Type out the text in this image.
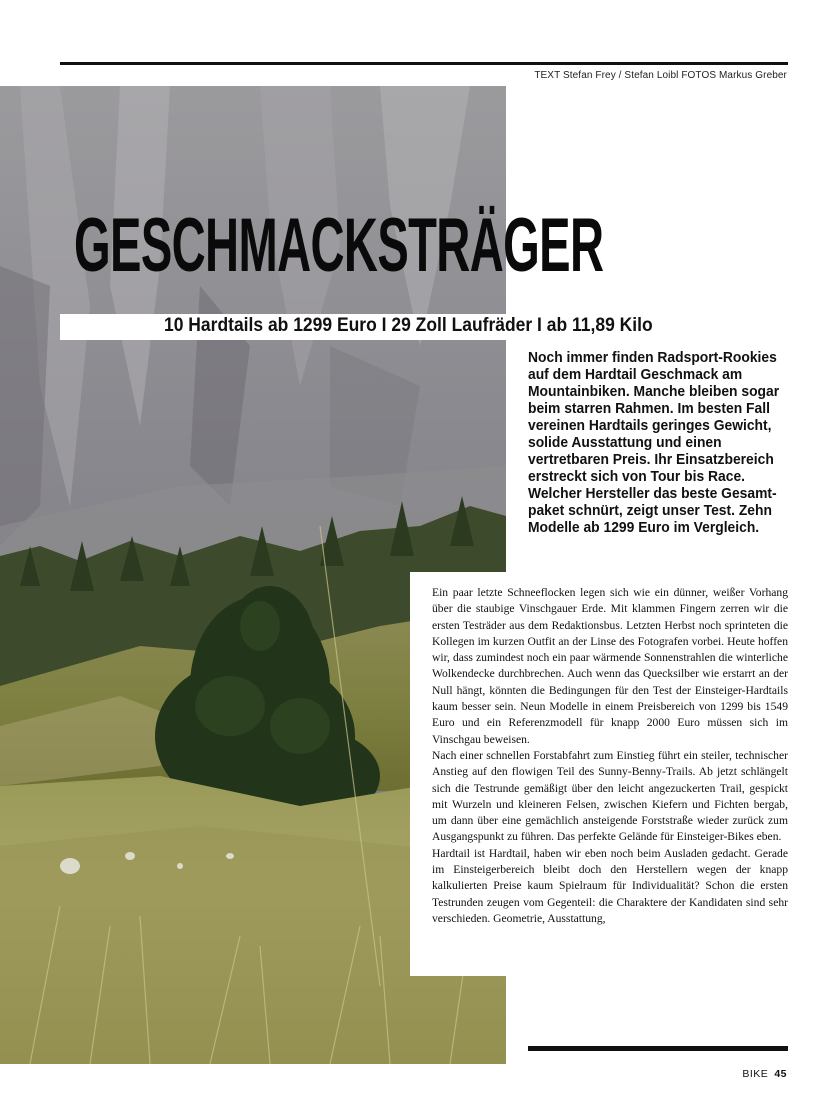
TEXT Stefan Frey / Stefan Loibl FOTOS Markus Greber
GESCHMACKSTRÄGER
10 Hardtails ab 1299 Euro I 29 Zoll Laufräder I ab 11,89 Kilo
Noch immer finden Radsport-Rookies auf dem Hardtail Geschmack am Mountainbiken. Manche bleiben sogar beim starren Rahmen. Im besten Fall vereinen Hardtails geringes Gewicht, solide Ausstattung und einen vertretbaren Preis. Ihr Einsatzbereich erstreckt sich von Tour bis Race. Welcher Hersteller das beste Gesamtpaket schnürt, zeigt unser Test. Zehn Modelle ab 1299 Euro im Vergleich.

Ein paar letzte Schneeflocken legen sich wie ein dünner, weißer Vorhang über die staubige Vinschgauer Erde. Mit klammen Fingern zerren wir die ersten Testräder aus dem Redaktionsbus. Letzten Herbst noch sprinteten die Kollegen im kurzen Outfit an der Linse des Fotografen vorbei. Heute hoffen wir, dass zumindest noch ein paar wärmende Sonnenstrahlen die winterliche Wolkendecke durchbrechen. Auch wenn das Quecksilber wie erstarrt an der Null hängt, könnten die Bedingungen für den Test der Einsteiger-Hardtails kaum besser sein. Neun Modelle in einem Preisbereich von 1299 bis 1549 Euro und ein Referenzmodell für knapp 2000 Euro müssen sich im Vinschgau beweisen.

Nach einer schnellen Forstabfahrt zum Einstieg führt ein steiler, technischer Anstieg auf den flowigen Teil des Sunny-Benny-Trails. Ab jetzt schlängelt sich die Testrunde gemäßigt über den leicht angezuckerten Trail, gespickt mit Wurzeln und kleineren Felsen, zwischen Kiefern und Fichten bergab, um dann über eine gemächlich ansteigende Forststraße wieder zurück zum Ausgangspunkt zu führen. Das perfekte Gelände für Einsteiger-Bikes eben.

Hardtail ist Hardtail, haben wir eben noch beim Ausladen gedacht. Gerade im Einsteigerbereich bleibt doch den Herstellern wegen der knapp kalkulierten Preise kaum Spielraum für Individualität? Schon die ersten Testrunden zeugen vom Gegenteil: die Charaktere der Kandidaten sind sehr verschieden. Geometrie, Ausstattung,

BIKE 45
